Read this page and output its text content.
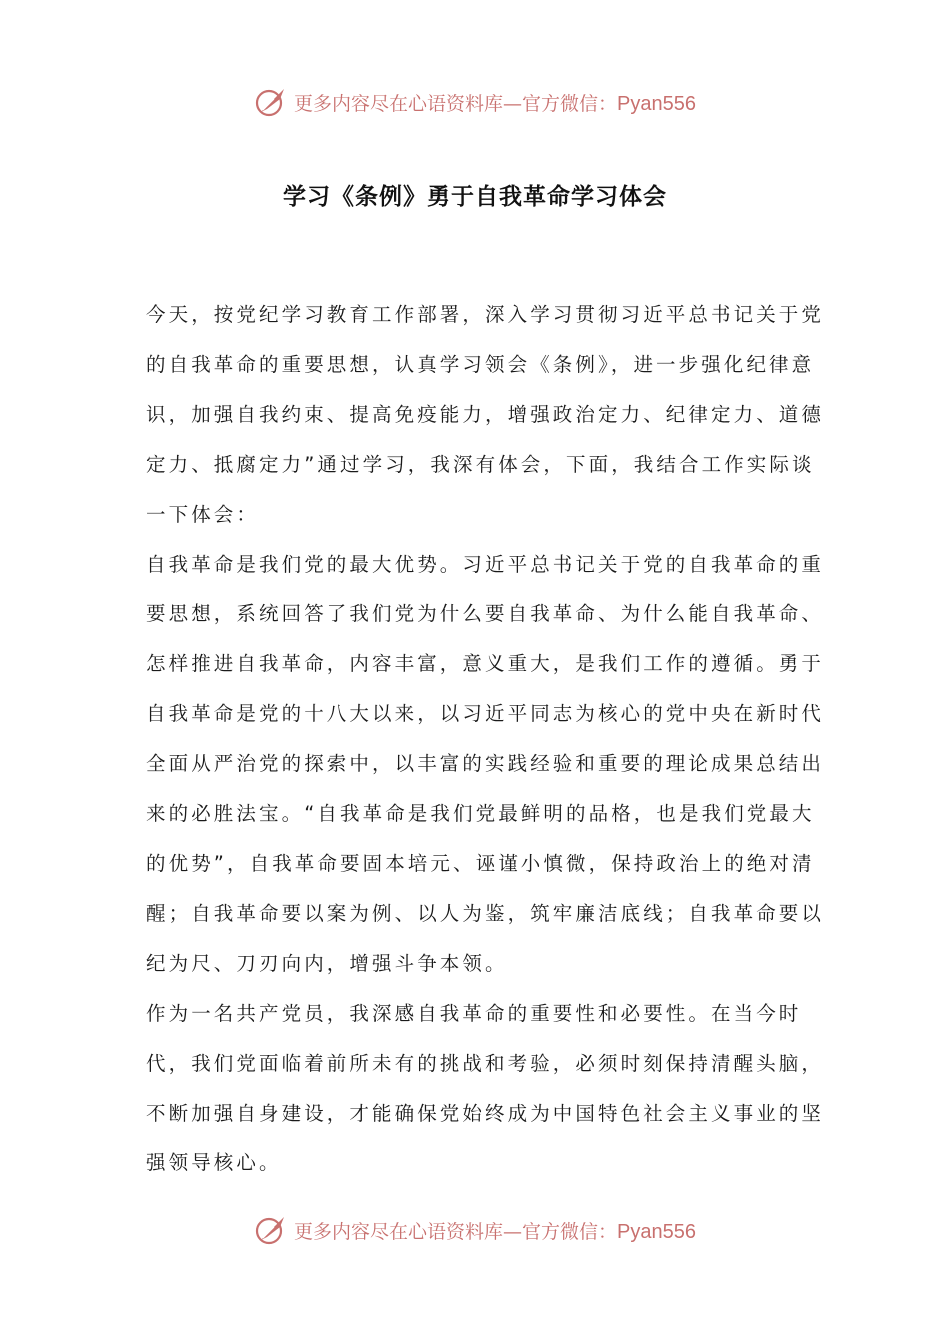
更多内容尽在心语资料库—官方微信：Pyan556
学习《条例》勇于自我革命学习体会

今天，按党纪学习教育工作部署，深入学习贯彻习近平总书记关于党的自我革命的重要思想，认真学习领会《条例》，进一步强化纪律意识，加强自我约束、提高免疫能力，增强政治定力、纪律定力、道德定力、抵腐定力”通过学习，我深有体会，下面，我结合工作实际谈一下体会：

自我革命是我们党的最大优势。习近平总书记关于党的自我革命的重要思想，系统回答了我们党为什么要自我革命、为什么能自我革命、怎样推进自我革命，内容丰富，意义重大，是我们工作的遵循。勇于自我革命是党的十八大以来，以习近平同志为核心的党中央在新时代全面从严治党的探索中，以丰富的实践经验和重要的理论成果总结出来的必胜法宝。“自我革命是我们党最鲜明的品格，也是我们党最大的优势”，自我革命要固本培元、诬谨小慎微，保持政治上的绝对清醒；自我革命要以案为例、以人为鉴，筑牢廉洁底线；自我革命要以纪为尺、刀刃向内，增强斗争本领。

作为一名共产党员，我深感自我革命的重要性和必要性。在当今时代，我们党面临着前所未有的挑战和考验，必须时刻保持清醒头脑，不断加强自身建设，才能确保党始终成为中国特色社会主义事业的坚强领导核心。

更多内容尽在心语资料库—官方微信：Pyan556
